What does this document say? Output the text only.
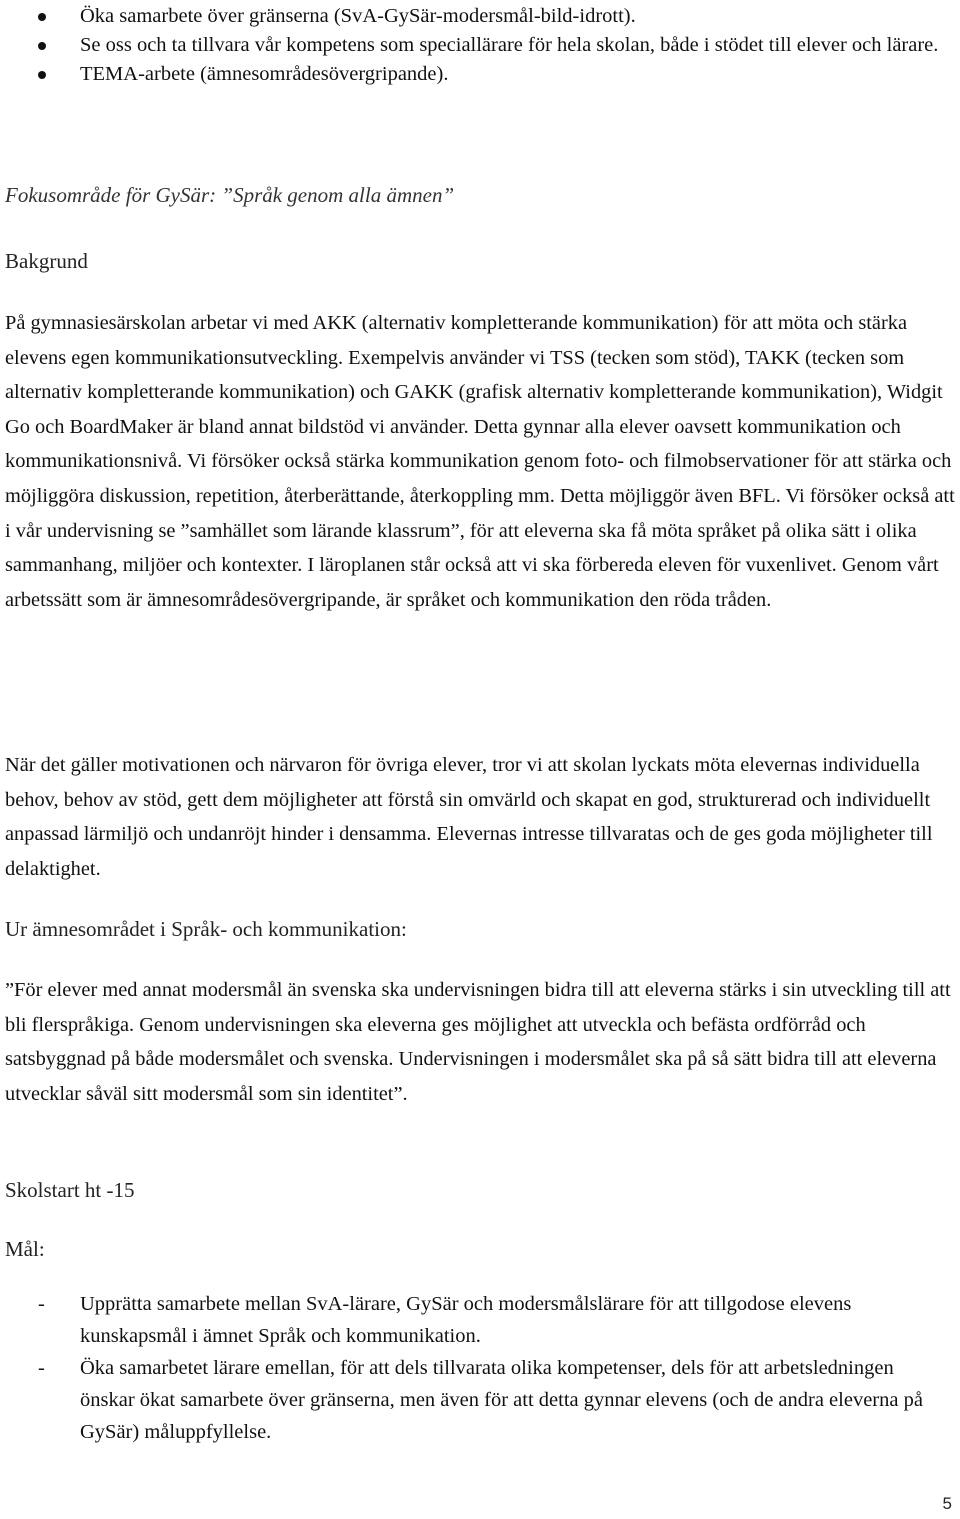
Öka samarbete över gränserna (SvA-GySär-modersmål-bild-idrott).
Se oss och ta tillvara vår kompetens som speciallärare för hela skolan, både i stödet till elever och lärare.
TEMA-arbete (ämnesområdesövergripande).

Fokusområde för GySär: ”Språk genom alla ämnen”

Bakgrund

På gymnasiesärskolan arbetar vi med AKK (alternativ kompletterande kommunikation) för att möta och stärka elevens egen kommunikationsutveckling. Exempelvis använder vi TSS (tecken som stöd), TAKK (tecken som alternativ kompletterande kommunikation) och GAKK (grafisk alternativ kompletterande kommunikation), Widgit Go och BoardMaker är bland annat bildstöd vi använder. Detta gynnar alla elever oavsett kommunikation och kommunikationsnivå. Vi försöker också stärka kommunikation genom foto- och filmobservationer för att stärka och möjliggöra diskussion, repetition, återberättande, återkoppling mm. Detta möjliggör även BFL. Vi försöker också att i vår undervisning se ”samhället som lärande klassrum”, för att eleverna ska få möta språket på olika sätt i olika sammanhang, miljöer och kontexter. I läroplanen står också att vi ska förbereda eleven för vuxenlivet. Genom vårt arbetssätt som är ämnesområdesövergripande, är språket och kommunikation den röda tråden.

När det gäller motivationen och närvaron för övriga elever, tror vi att skolan lyckats möta elevernas individuella behov, behov av stöd, gett dem möjligheter att förstå sin omvärld och skapat en god, strukturerad och individuellt anpassad lärmiljö och undanröjt hinder i densamma. Elevernas intresse tillvaratas och de ges goda möjligheter till delaktighet.

Ur ämnesområdet i Språk- och kommunikation:

”För elever med annat modersmål än svenska ska undervisningen bidra till att eleverna stärks i sin utveckling till att bli flerspråkiga. Genom undervisningen ska eleverna ges möjlighet att utveckla och befästa ordförråd och satsbyggnad på både modersmålet och svenska. Undervisningen i modersmålet ska på så sätt bidra till att eleverna utvecklar såväl sitt modersmål som sin identitet”.

Skolstart ht -15

Mål:

- Upprätta samarbete mellan SvA-lärare, GySär och modersmålslärare för att tillgodose elevens kunskapsmål i ämnet Språk och kommunikation.
- Öka samarbetet lärare emellan, för att dels tillvarata olika kompetenser, dels för att arbetsledningen önskar ökat samarbete över gränserna, men även för att detta gynnar elevens (och de andra eleverna på GySär) måluppfyllelse.
5
